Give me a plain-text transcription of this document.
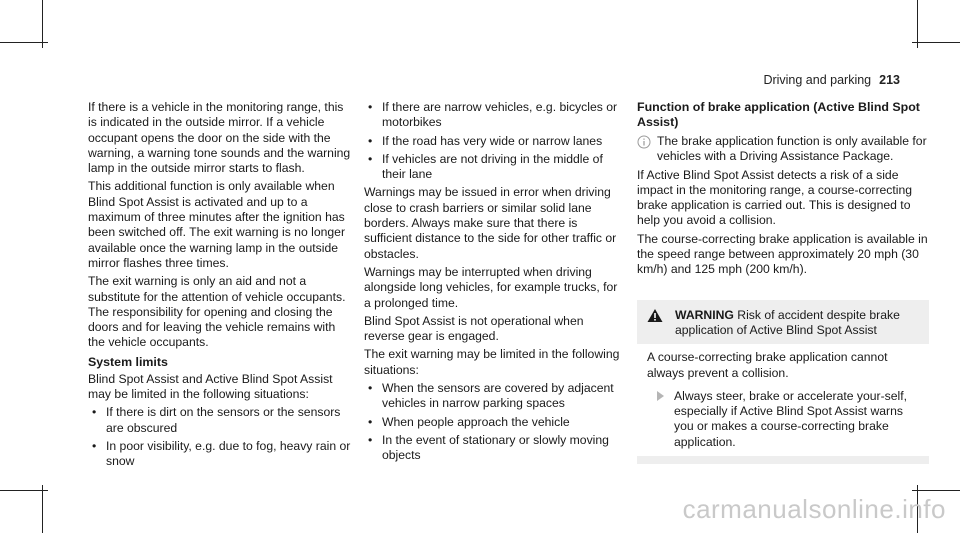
Driving and parking 213

If there is a vehicle in the monitoring range, this is indicated in the outside mirror. If a vehicle occupant opens the door on the side with the warning, a warning tone sounds and the warning lamp in the outside mirror starts to flash.

This additional function is only available when Blind Spot Assist is activated and up to a maximum of three minutes after the ignition has been switched off. The exit warning is no longer available once the warning lamp in the outside mirror flashes three times.

The exit warning is only an aid and not a substitute for the attention of vehicle occupants. The responsibility for opening and closing the doors and for leaving the vehicle remains with the vehicle occupants.

System limits

Blind Spot Assist and Active Blind Spot Assist may be limited in the following situations:

• If there is dirt on the sensors or the sensors are obscured
• In poor visibility, e.g. due to fog, heavy rain or snow
• If there are narrow vehicles, e.g. bicycles or motorbikes
• If the road has very wide or narrow lanes
• If vehicles are not driving in the middle of their lane

Warnings may be issued in error when driving close to crash barriers or similar solid lane borders. Always make sure that there is sufficient distance to the side for other traffic or obstacles.

Warnings may be interrupted when driving alongside long vehicles, for example trucks, for a prolonged time.

Blind Spot Assist is not operational when reverse gear is engaged.

The exit warning may be limited in the following situations:

• When the sensors are covered by adjacent vehicles in narrow parking spaces
• When people approach the vehicle
• In the event of stationary or slowly moving objects
Function of brake application (Active Blind Spot Assist)
The brake application function is only available for vehicles with a Driving Assistance Package.

If Active Blind Spot Assist detects a risk of a side impact in the monitoring range, a course-correcting brake application is carried out. This is designed to help you avoid a collision.

The course-correcting brake application is available in the speed range between approximately 20 mph (30 km/h) and 125 mph (200 km/h).

WARNING Risk of accident despite brake application of Active Blind Spot Assist
A course-correcting brake application cannot always prevent a collision.
Always steer, brake or accelerate your-self, especially if Active Blind Spot Assist warns you or makes a course-correcting brake application.
carmanualsonline.info
